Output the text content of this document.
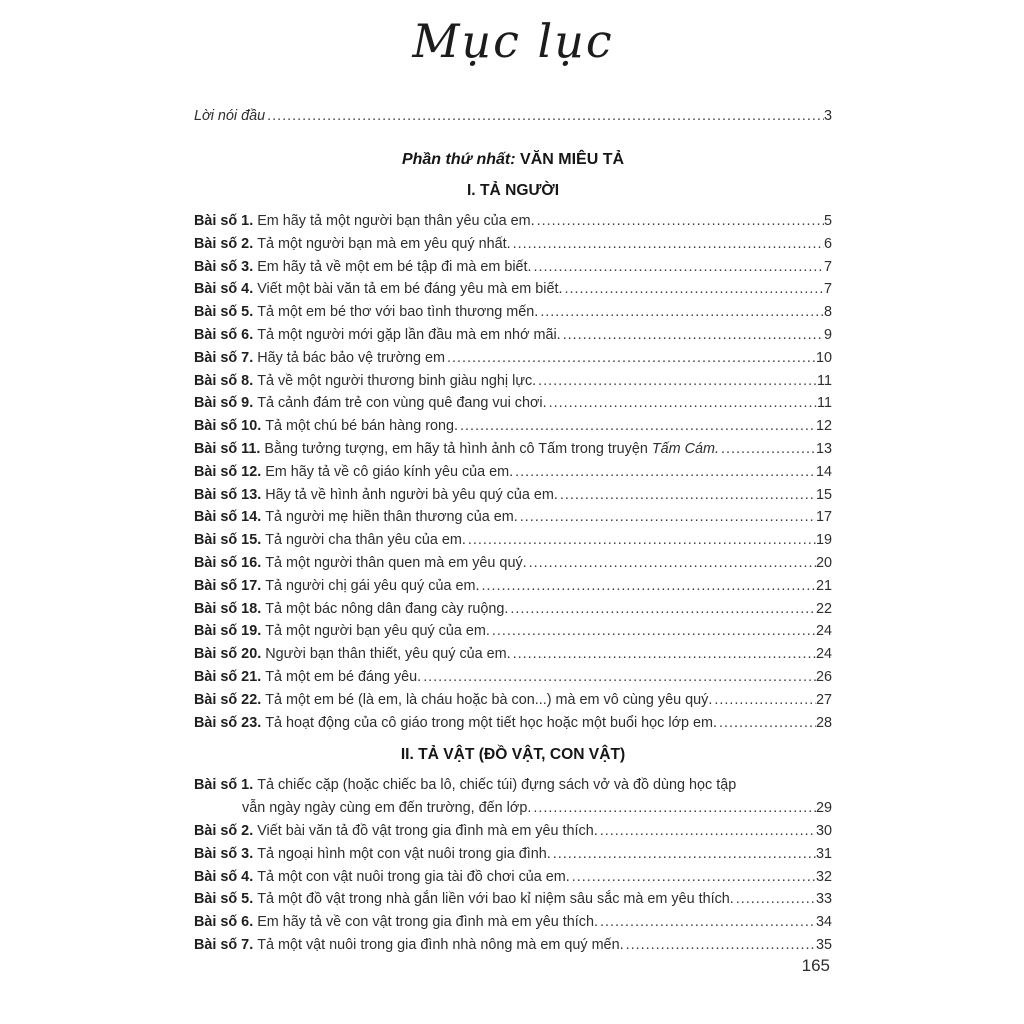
Mục lục
Lời nói đầu .....	3
Phần thứ nhất: VĂN MIÊU TẢ
I. TẢ NGƯỜI
Bài số 1. Em hãy tả một người bạn thân yêu của em. .....	5
Bài số 2. Tả một người bạn mà em yêu quý nhất. .....	6
Bài số 3. Em hãy tả về một em bé tập đi mà em biết. .....	7
Bài số 4. Viết một bài văn tả em bé đáng yêu mà em biết. .....	7
Bài số 5. Tả một em bé thơ với bao tình thương mến. .....	8
Bài số 6. Tả một người mới gặp lần đầu mà em nhớ mãi. .....	9
Bài số 7. Hãy tả bác bảo vệ trường em .....	10
Bài số 8. Tả về một người thương binh giàu nghị lực. .....	11
Bài số 9. Tả cảnh đám trẻ con vùng quê đang vui chơi. .....	11
Bài số 10. Tả một chú bé bán hàng rong. .....	12
Bài số 11. Bằng tưởng tượng, em hãy tả hình ảnh cô Tấm trong truyện Tấm Cám. .....	13
Bài số 12. Em hãy tả về cô giáo kính yêu của em. .....	14
Bài số 13. Hãy tả về hình ảnh người bà yêu quý của em. .....	15
Bài số 14. Tả người mẹ hiền thân thương của em. .....	17
Bài số 15. Tả người cha thân yêu của em. .....	19
Bài số 16. Tả một người thân quen mà em yêu quý. .....	20
Bài số 17. Tả người chị gái yêu quý của em. .....	21
Bài số 18. Tả một bác nông dân đang cày ruộng. .....	22
Bài số 19. Tả một người bạn yêu quý của em. .....	24
Bài số 20. Người bạn thân thiết, yêu quý của em. .....	24
Bài số 21. Tả một em bé đáng yêu. .....	26
Bài số 22. Tả một em bé (là em, là cháu hoặc bà con...) mà em vô cùng yêu quý. .....	27
Bài số 23. Tả hoạt động của cô giáo trong một tiết học hoặc một buổi học lớp em. .....	28
II. TẢ VẬT (ĐỒ VẬT, CON VẬT)
Bài số 1. Tả chiếc cặp (hoặc chiếc ba lô, chiếc túi) đựng sách vở và đồ dùng học tập
vẫn ngày ngày cùng em đến trường, đến lớp. .....	29
Bài số 2. Viết bài văn tả đồ vật trong gia đình mà em yêu thích. .....	30
Bài số 3. Tả ngoại hình một con vật nuôi trong gia đình. .....	31
Bài số 4. Tả một con vật nuôi trong gia tài đồ chơi của em. .....	32
Bài số 5. Tả một đồ vật trong nhà gắn liền với bao kỉ niệm sâu sắc mà em yêu thích. .....	33
Bài số 6. Em hãy tả về con vật trong gia đình mà em yêu thích. .....	34
Bài số 7. Tả một vật nuôi trong gia đình nhà nông mà em quý mến. .....	35
165
